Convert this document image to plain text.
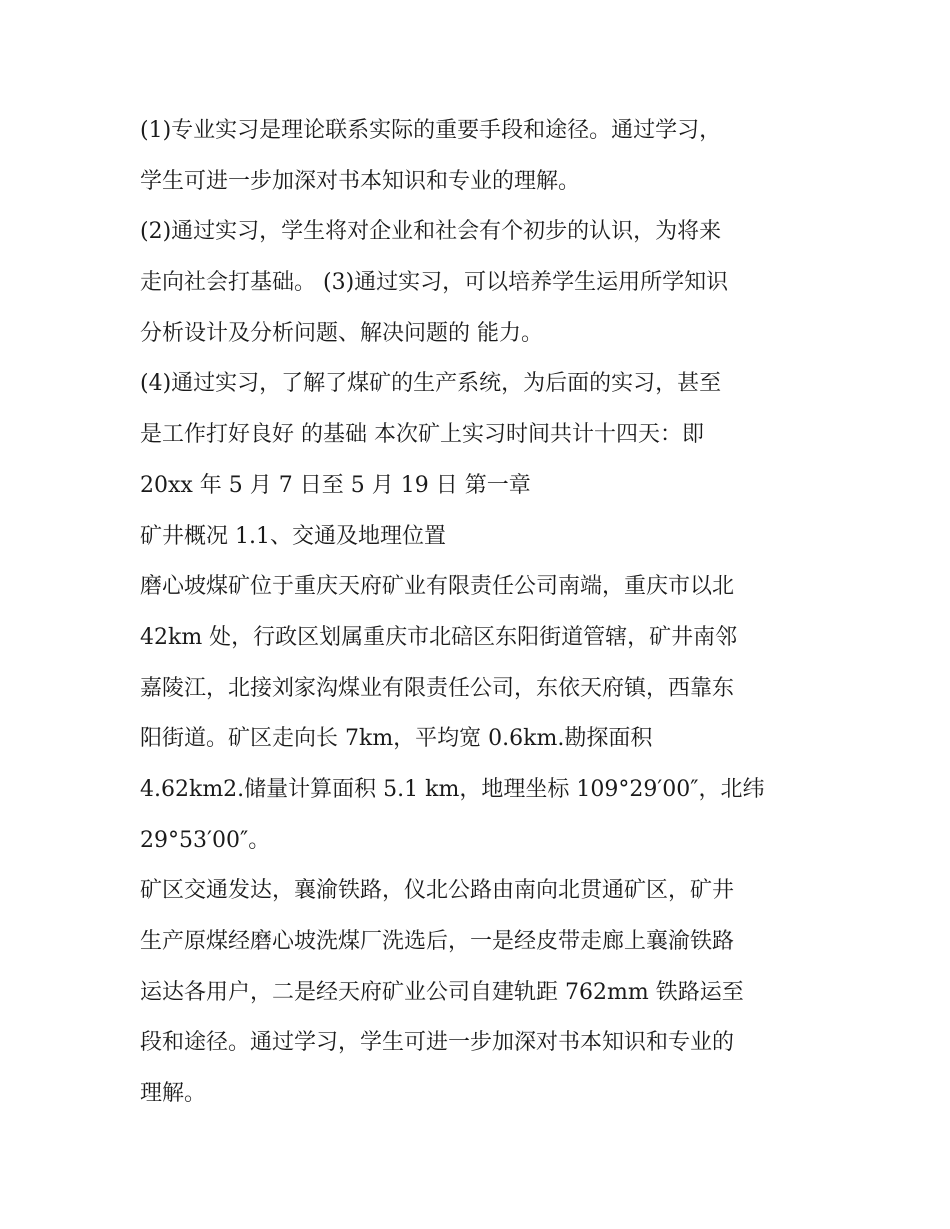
(1)专业实习是理论联系实际的重要手段和途径。通过学习，
学生可进一步加深对书本知识和专业的理解。
(2)通过实习，学生将对企业和社会有个初步的认识，为将来
走向社会打基础。 (3)通过实习，可以培养学生运用所学知识
分析设计及分析问题、解决问题的 能力。
(4)通过实习，了解了煤矿的生产系统，为后面的实习，甚至
是工作打好良好 的基础 本次矿上实习时间共计十四天：即
20xx 年 5 月 7 日至 5 月 19 日 第一章
矿井概况 1.1、交通及地理位置
磨心坡煤矿位于重庆天府矿业有限责任公司南端，重庆市以北
42km 处，行政区划属重庆市北碚区东阳街道管辖，矿井南邻
嘉陵江，北接刘家沟煤业有限责任公司，东依天府镇，西靠东
阳街道。矿区走向长 7km，平均宽 0.6km.勘探面积
4.62km2.储量计算面积 5.1 km，地理坐标 109°29′00″，北纬
29°53′00″。
矿区交通发达，襄渝铁路，仪北公路由南向北贯通矿区，矿井
生产原煤经磨心坡洗煤厂洗选后，一是经皮带走廊上襄渝铁路
运达各用户，二是经天府矿业公司自建轨距 762mm 铁路运至
段和途径。通过学习，学生可进一步加深对书本知识和专业的
理解。
